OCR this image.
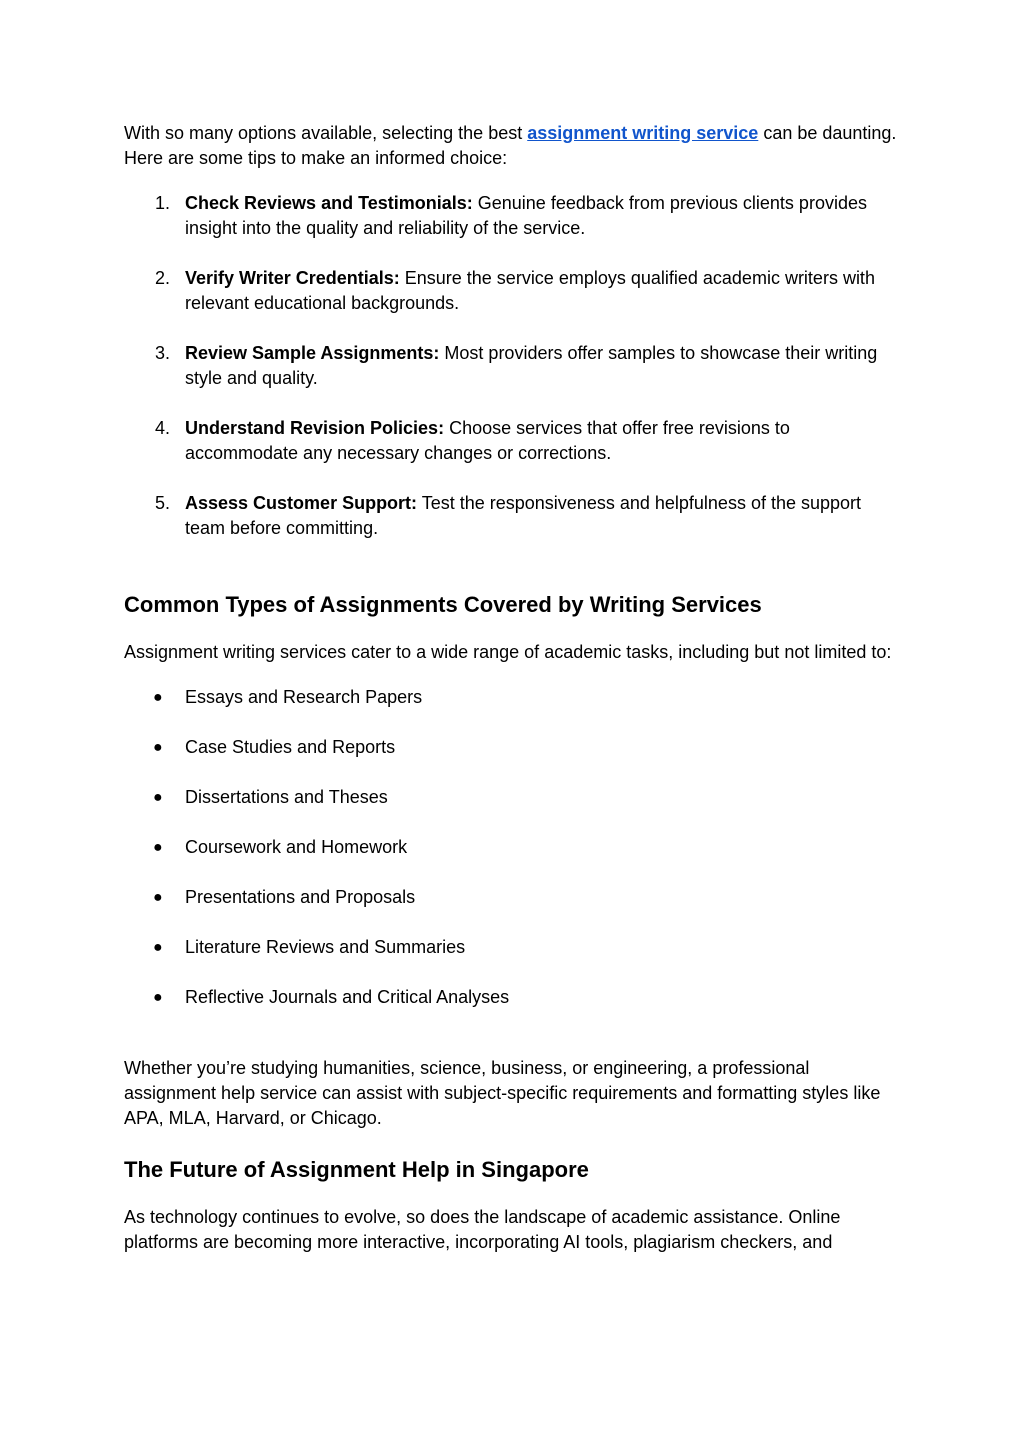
With so many options available, selecting the best assignment writing service can be daunting. Here are some tips to make an informed choice:

1. Check Reviews and Testimonials: Genuine feedback from previous clients provides insight into the quality and reliability of the service.
2. Verify Writer Credentials: Ensure the service employs qualified academic writers with relevant educational backgrounds.
3. Review Sample Assignments: Most providers offer samples to showcase their writing style and quality.
4. Understand Revision Policies: Choose services that offer free revisions to accommodate any necessary changes or corrections.
5. Assess Customer Support: Test the responsiveness and helpfulness of the support team before committing.
Common Types of Assignments Covered by Writing Services

Assignment writing services cater to a wide range of academic tasks, including but not limited to:

● Essays and Research Papers
● Case Studies and Reports
● Dissertations and Theses
● Coursework and Homework
● Presentations and Proposals
● Literature Reviews and Summaries
● Reflective Journals and Critical Analyses

Whether you’re studying humanities, science, business, or engineering, a professional assignment help service can assist with subject-specific requirements and formatting styles like APA, MLA, Harvard, or Chicago.

The Future of Assignment Help in Singapore

As technology continues to evolve, so does the landscape of academic assistance. Online platforms are becoming more interactive, incorporating AI tools, plagiarism checkers, and
